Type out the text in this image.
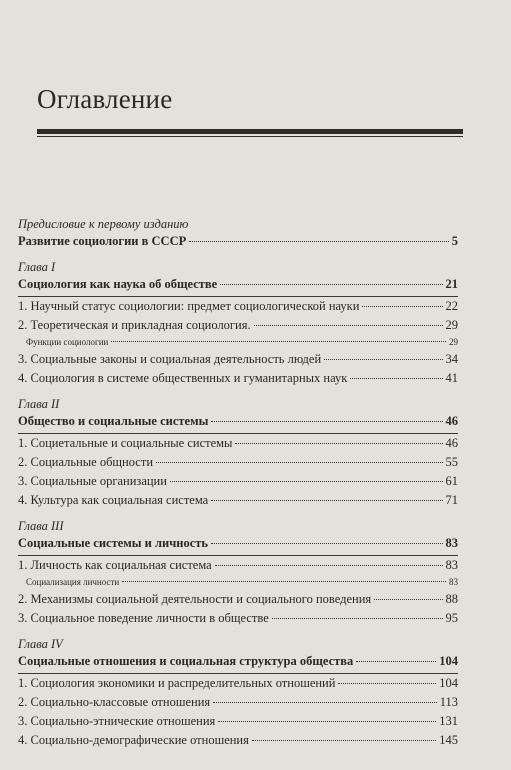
Оглавление
Предисловие к первому изданию
Развитие социологии в СССР	5
Глава I
Социология как наука об обществе	21
1. Научный статус социологии: предмет социологической науки	22
2. Теоретическая и прикладная социология.	29
Функции социологии	29
3. Социальные законы и социальная деятельность людей	34
4. Социология в системе общественных и гуманитарных наук	41
Глава II
Общество и социальные системы	46
1. Социетальные и социальные системы	46
2. Социальные общности	55
3. Социальные организации	61
4. Культура как социальная система	71
Глава III
Социальные системы и личность	83
1. Личность как социальная система	83
Социализация личности	83
2. Механизмы социальной деятельности и социального поведения	88
3. Социальное поведение личности в обществе	95
Глава IV
Социальные отношения и социальная структура общества	104
1. Социология экономики и распределительных отношений	104
2. Социально-классовые отношения	113
3. Социально-этнические отношения	131
4. Социально-демографические отношения	145
